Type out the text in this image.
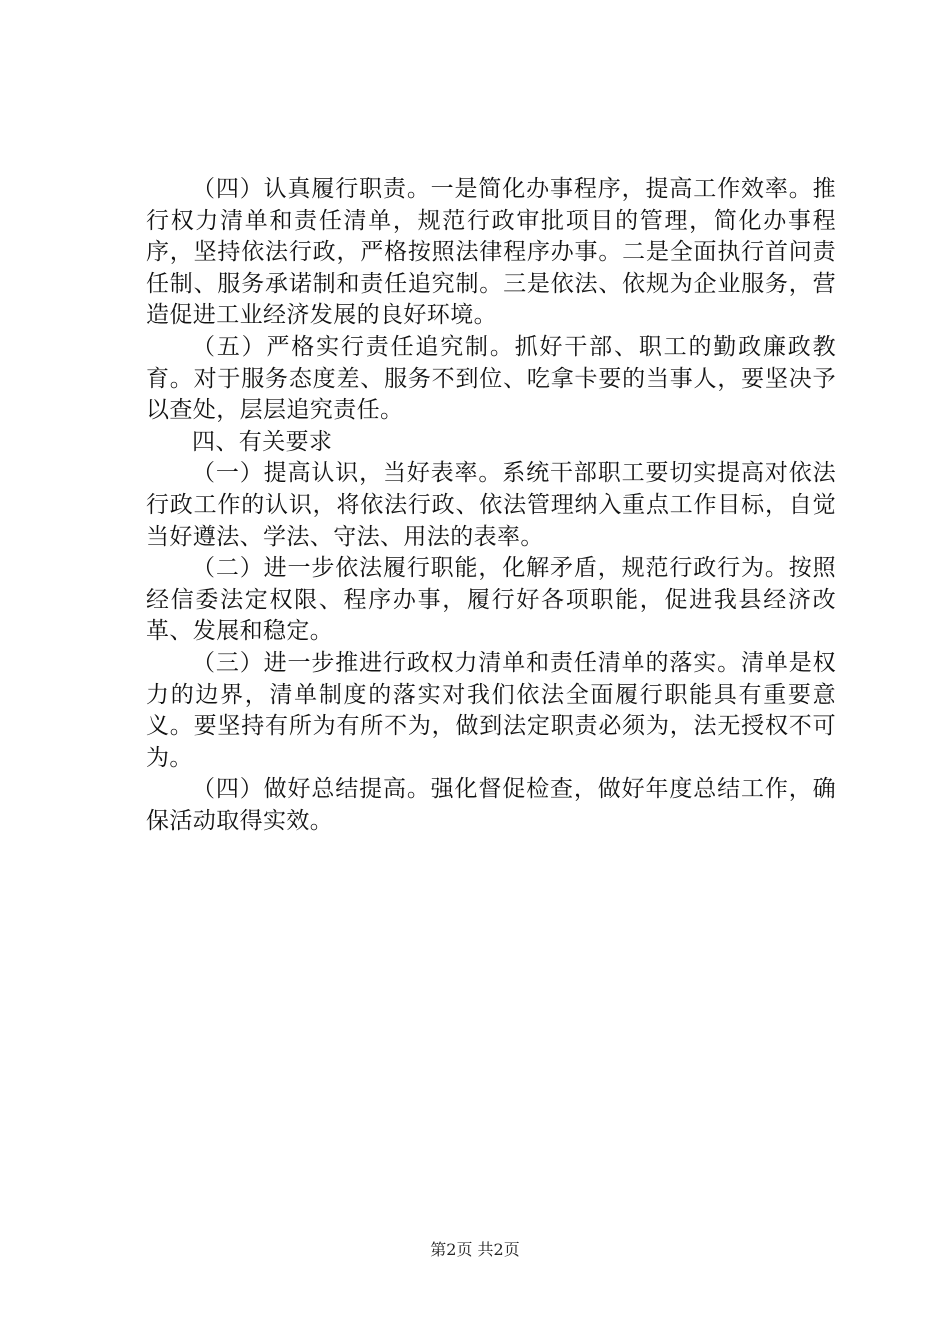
（四）认真履行职责。一是简化办事程序，提高工作效率。推行权力清单和责任清单，规范行政审批项目的管理，简化办事程序，坚持依法行政，严格按照法律程序办事。二是全面执行首问责任制、服务承诺制和责任追究制。三是依法、依规为企业服务，营造促进工业经济发展的良好环境。

（五）严格实行责任追究制。抓好干部、职工的勤政廉政教育。对于服务态度差、服务不到位、吃拿卡要的当事人，要坚决予以查处，层层追究责任。

四、有关要求

（一）提高认识，当好表率。系统干部职工要切实提高对依法行政工作的认识，将依法行政、依法管理纳入重点工作目标，自觉当好遵法、学法、守法、用法的表率。

（二）进一步依法履行职能，化解矛盾，规范行政行为。按照经信委法定权限、程序办事，履行好各项职能，促进我县经济改革、发展和稳定。

（三）进一步推进行政权力清单和责任清单的落实。清单是权力的边界，清单制度的落实对我们依法全面履行职能具有重要意义。要坚持有所为有所不为，做到法定职责必须为，法无授权不可为。

（四）做好总结提高。强化督促检查，做好年度总结工作，确保活动取得实效。

第2页 共2页
